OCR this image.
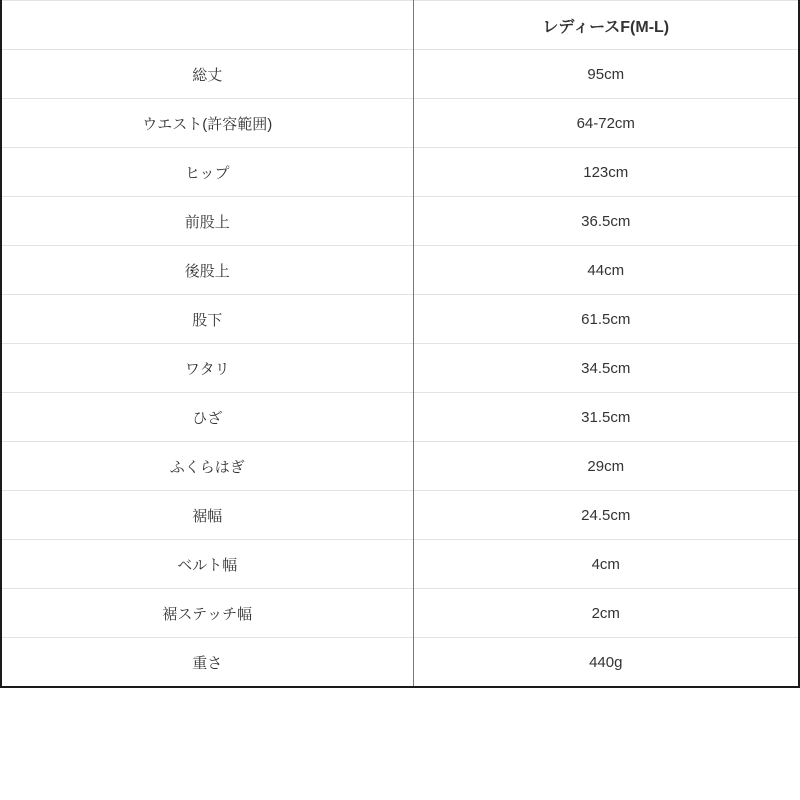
	レディースF(M-L)
総丈	95cm
ウエスト(許容範囲)	64-72cm
ヒップ	123cm
前股上	36.5cm
後股上	44cm
股下	61.5cm
ワタリ	34.5cm
ひざ	31.5cm
ふくらはぎ	29cm
裾幅	24.5cm
ベルト幅	4cm
裾ステッチ幅	2cm
重さ	440g
